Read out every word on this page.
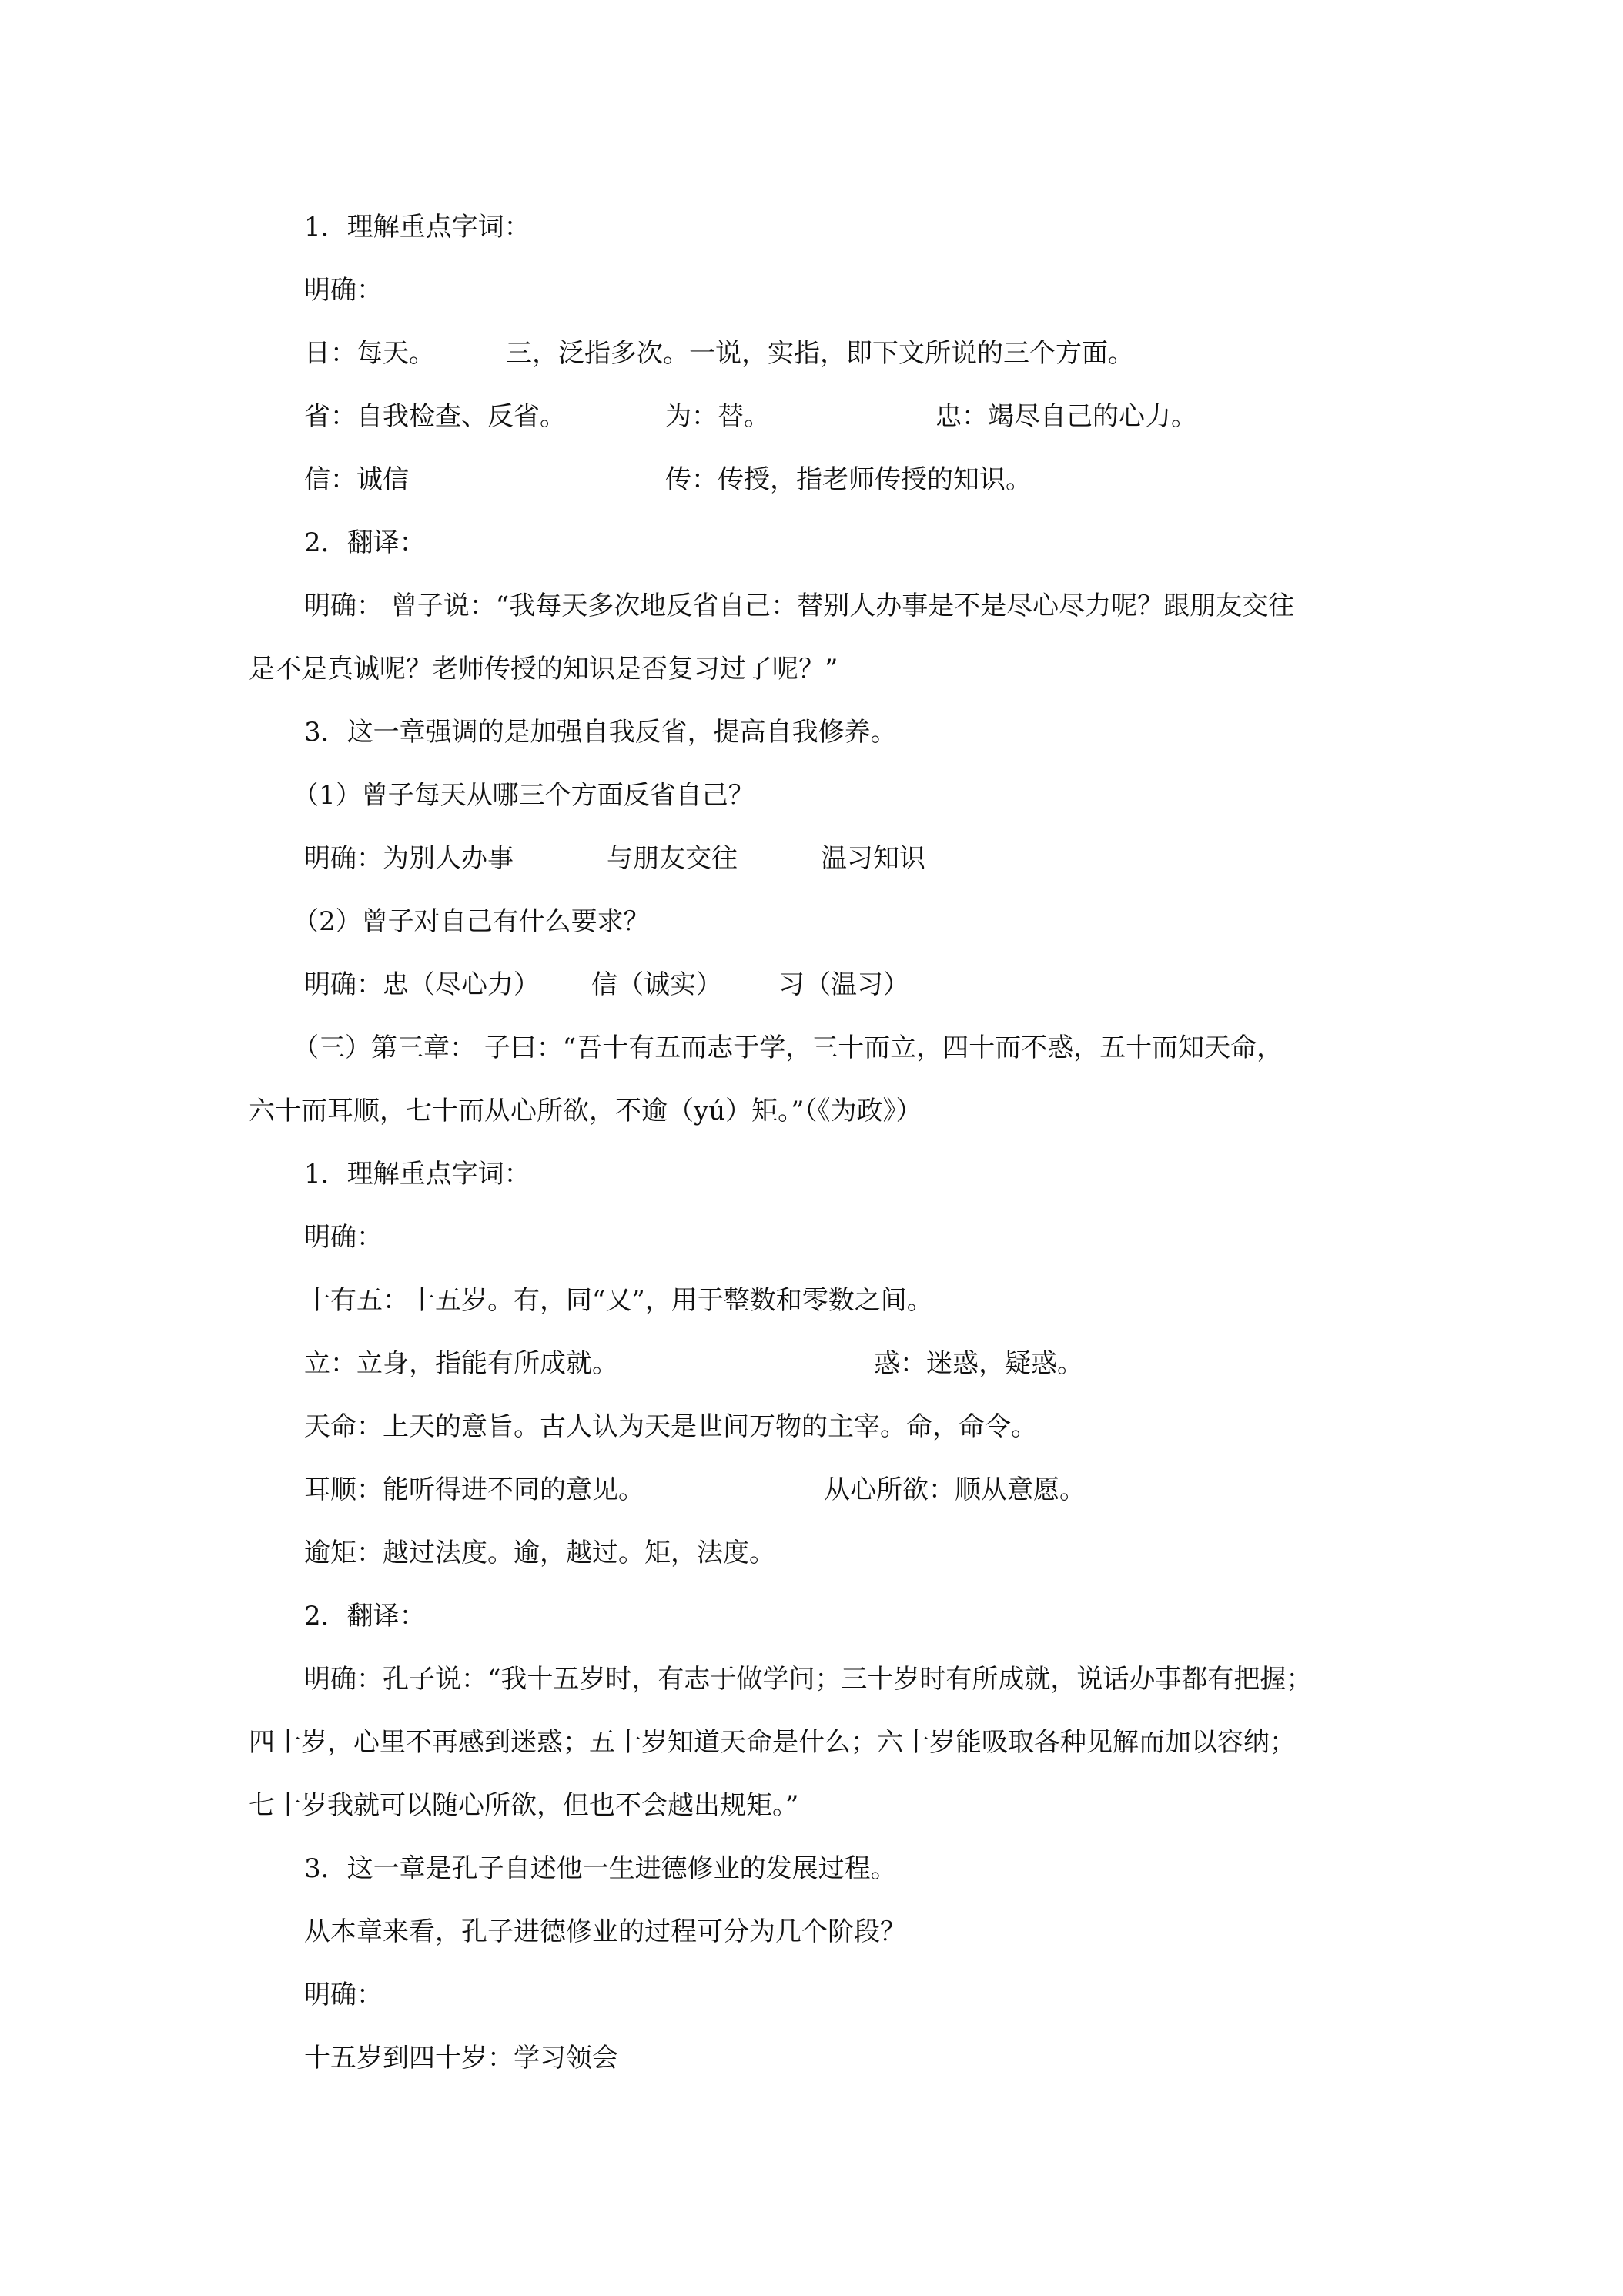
1．理解重点字词：
明确：
日：每天。	三，泛指多次。一说，实指，即下文所说的三个方面。
省：自我检查、反省。	为：替。	忠：竭尽自己的心力。
信：诚信	传：传授，指老师传授的知识。
2．翻译：
明确： 曾子说：“我每天多次地反省自己：替别人办事是不是尽心尽力呢？跟朋友交往
是不是真诚呢？老师传授的知识是否复习过了呢？”
3．这一章强调的是加强自我反省，提高自我修养。
（1）曾子每天从哪三个方面反省自己？
明确：为别人办事	与朋友交往	温习知识
（2）曾子对自己有什么要求？
明确：忠（尽心力） 信（诚实） 习（温习）
（三）第三章： 子曰：“吾十有五而志于学，三十而立，四十而不惑，五十而知天命，
六十而耳顺，七十而从心所欲，不逾（yú）矩。”（《为政》）
1．理解重点字词：
明确：
十有五：十五岁。有，同“又”，用于整数和零数之间。
立：立身，指能有所成就。	惑：迷惑，疑惑。
天命：上天的意旨。古人认为天是世间万物的主宰。命，命令。
耳顺：能听得进不同的意见。	从心所欲：顺从意愿。
逾矩：越过法度。逾，越过。矩，法度。
2．翻译：
明确：孔子说：“我十五岁时，有志于做学问；三十岁时有所成就，说话办事都有把握；
四十岁，心里不再感到迷惑；五十岁知道天命是什么；六十岁能吸取各种见解而加以容纳；
七十岁我就可以随心所欲，但也不会越出规矩。”
3．这一章是孔子自述他一生进德修业的发展过程。
从本章来看，孔子进德修业的过程可分为几个阶段？
明确：
十五岁到四十岁：学习领会
